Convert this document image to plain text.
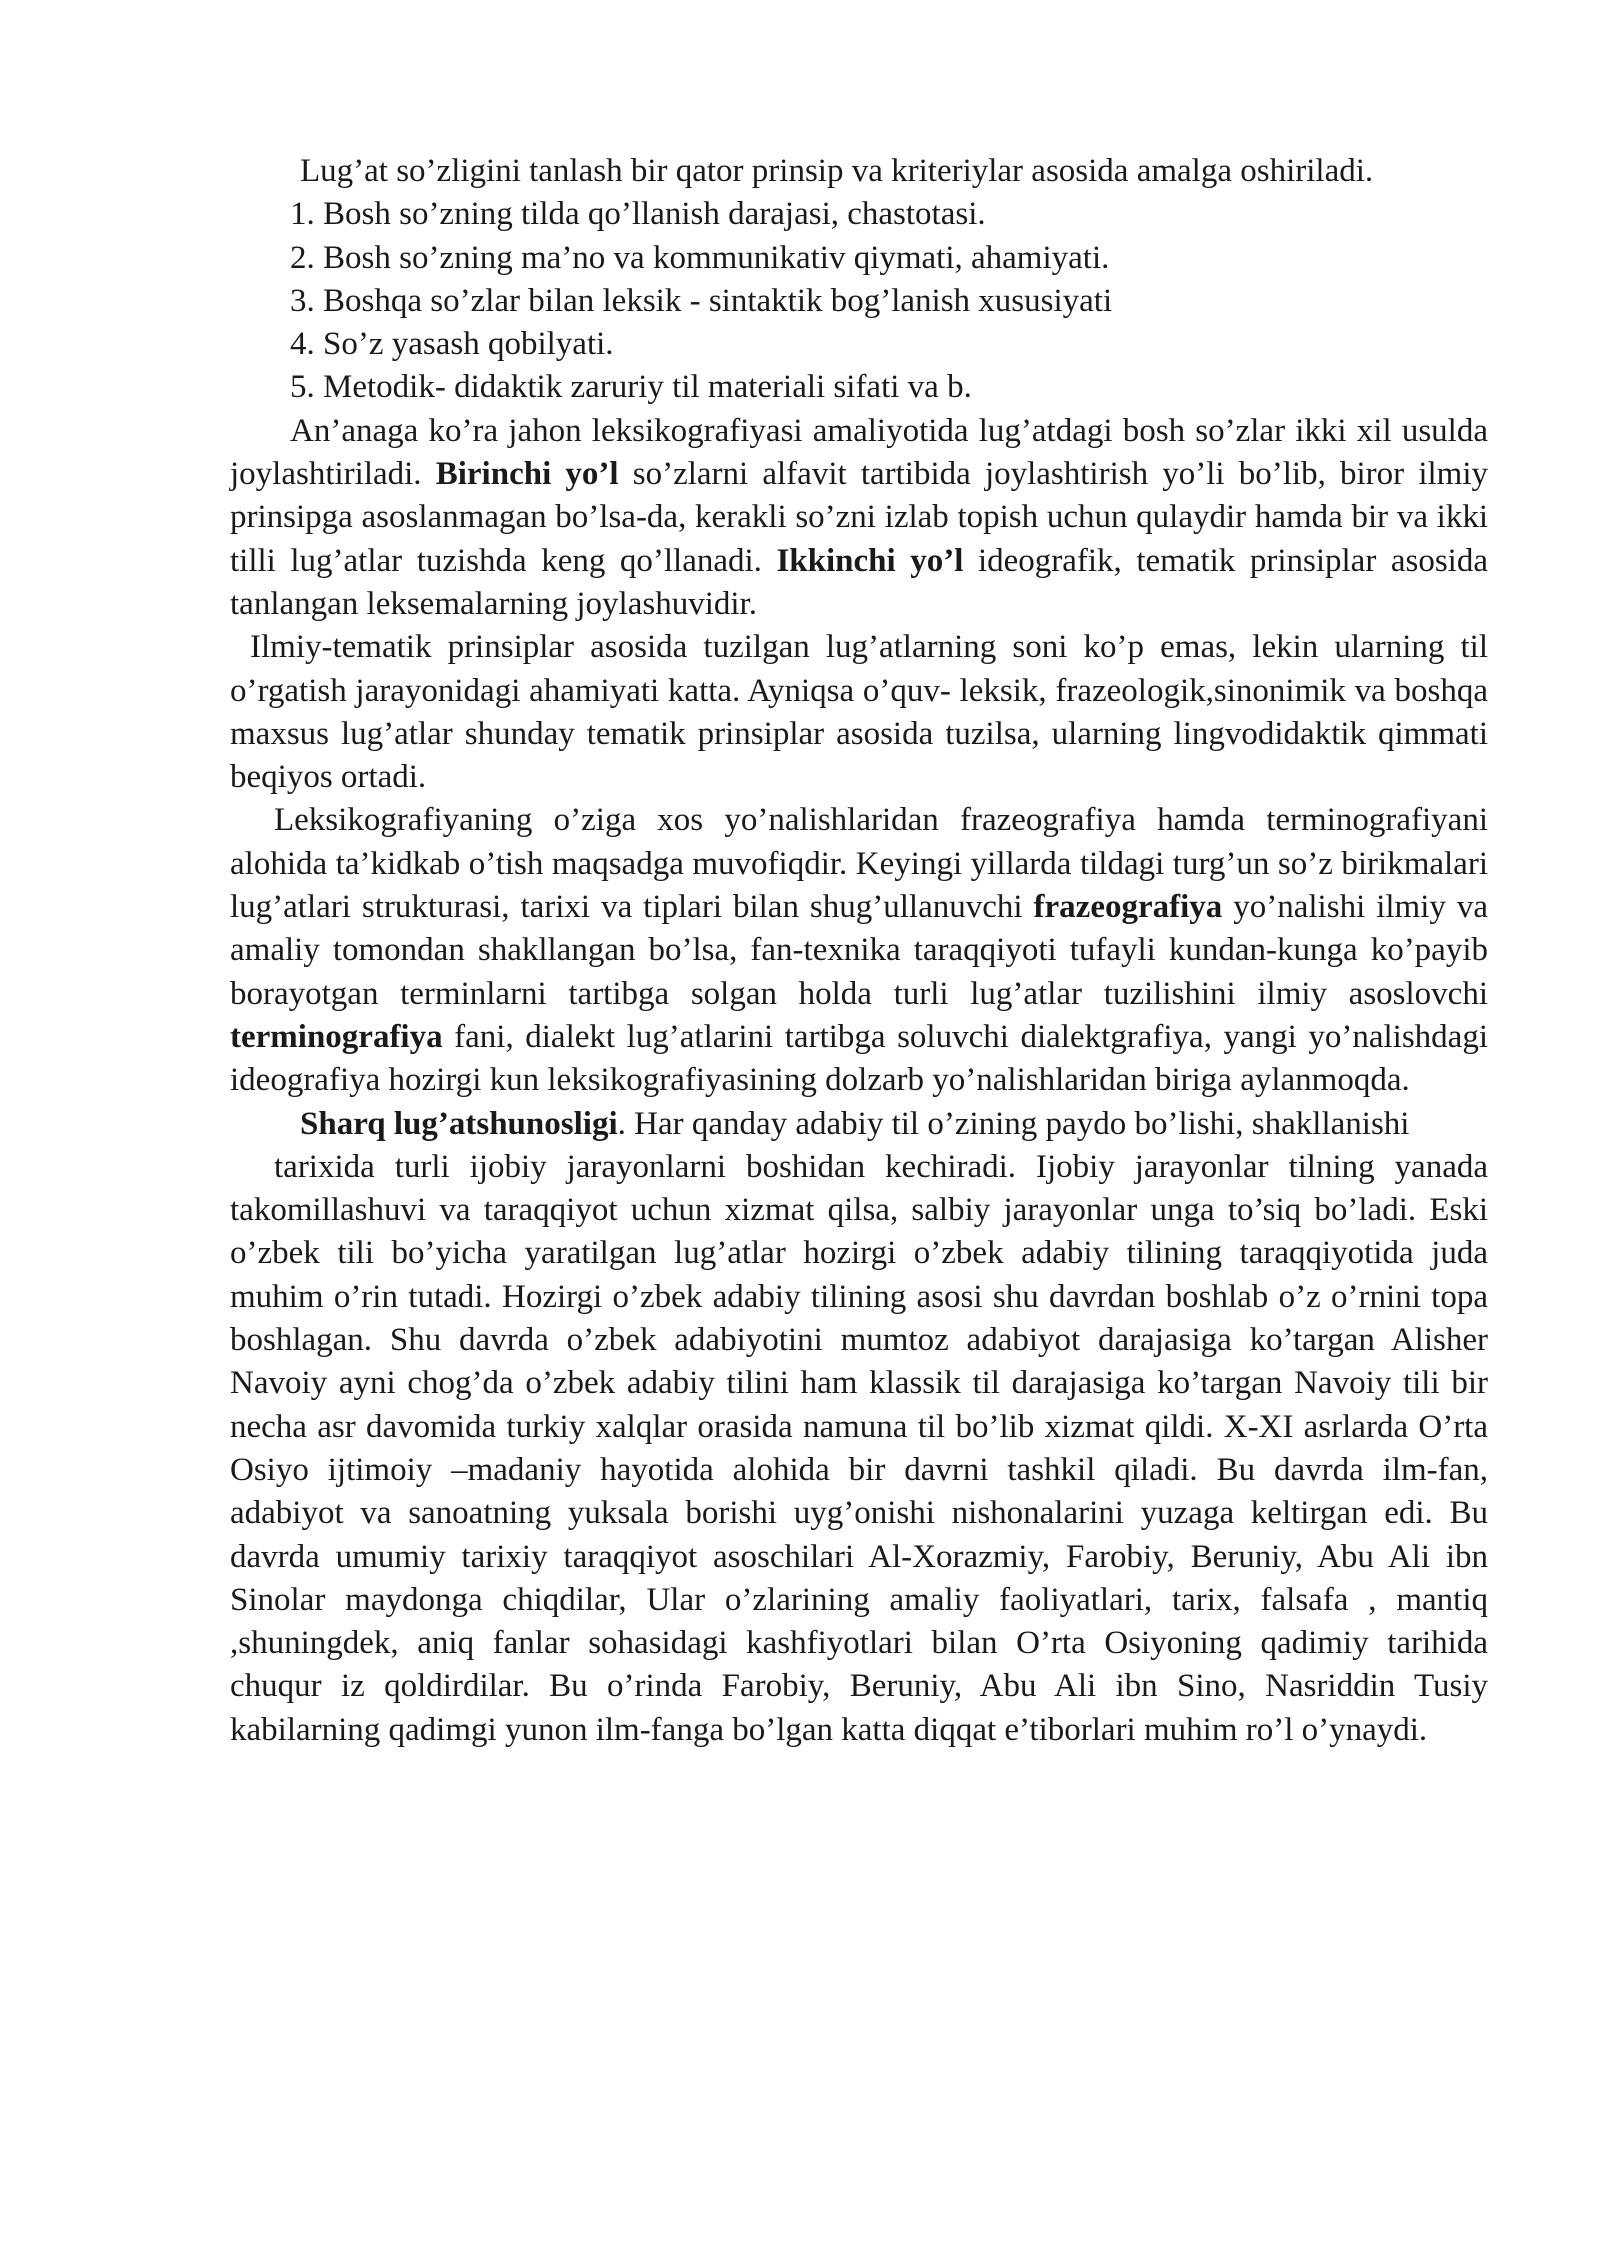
Lug’at so’zligini tanlash bir qator prinsip va kriteriylar asosida amalga oshiriladi.

1. Bosh so’zning tilda qo’llanish darajasi, chastotasi.

2. Bosh so’zning ma’no va kommunikativ qiymati, ahamiyati.

3. Boshqa so’zlar bilan leksik - sintaktik bog’lanish xususiyati

4. So’z yasash qobilyati.

5. Metodik- didaktik zaruriy til materiali sifati va b.

An’anaga ko’ra jahon leksikografiyasi amaliyotida lug’atdagi bosh so’zlar ikki xil usulda joylashtiriladi. Birinchi yo’l so’zlarni alfavit tartibida joylashtirish yo’li bo’lib, biror ilmiy prinsipga asoslanmagan bo’lsa-da, kerakli so’zni izlab topish uchun qulaydir hamda bir va ikki tilli lug’atlar tuzishda keng qo’llanadi. Ikkinchi yo’l ideografik, tematik prinsiplar asosida tanlangan leksemalarning joylashuvidir.

Ilmiy-tematik prinsiplar asosida tuzilgan lug’atlarning soni ko’p emas, lekin ularning til o’rgatish jarayonidagi ahamiyati katta. Ayniqsa o’quv- leksik, frazeologik,sinonimik va boshqa maxsus lug’atlar shunday tematik prinsiplar asosida tuzilsa, ularning lingvodidaktik qimmati beqiyos ortadi.

Leksikografiyaning o’ziga xos yo’nalishlaridan frazeografiya hamda terminografiyani alohida ta’kidkab o’tish maqsadga muvofiqdir. Keyingi yillarda tildagi turg’un so’z birikmalari lug’atlari strukturasi, tarixi va tiplari bilan shug’ullanuvchi frazeografiya yo’nalishi ilmiy va amaliy tomondan shakllangan bo’lsa, fan-texnika taraqqiyoti tufayli kundan-kunga ko’payib borayotgan terminlarni tartibga solgan holda turli lug’atlar tuzilishini ilmiy asoslovchi terminografiya fani, dialekt lug’atlarini tartibga soluvchi dialektgrafiya, yangi yo’nalishdagi ideografiya hozirgi kun leksikografiyasining dolzarb yo’nalishlaridan biriga aylanmoqda.

Sharq lug’atshunosligi. Har qanday adabiy til o’zining paydo bo’lishi, shakllanishi

tarixida turli ijobiy jarayonlarni boshidan kechiradi. Ijobiy jarayonlar tilning yanada takomillashuvi va taraqqiyot uchun xizmat qilsa, salbiy jarayonlar unga to’siq bo’ladi. Eski o’zbek tili bo’yicha yaratilgan lug’atlar hozirgi o’zbek adabiy tilining taraqqiyotida juda muhim o’rin tutadi. Hozirgi o’zbek adabiy tilining asosi shu davrdan boshlab o’z o’rnini topa boshlagan. Shu davrda o’zbek adabiyotini mumtoz adabiyot darajasiga ko’targan Alisher Navoiy ayni chog’da o’zbek adabiy tilini ham klassik til darajasiga ko’targan Navoiy tili bir necha asr davomida turkiy xalqlar orasida namuna til bo’lib xizmat qildi. X-XI asrlarda O’rta Osiyo ijtimoiy –madaniy hayotida alohida bir davrni tashkil qiladi. Bu davrda ilm-fan, adabiyot va sanoatning yuksala borishi uyg’onishi nishonalarini yuzaga keltirgan edi. Bu davrda umumiy tarixiy taraqqiyot asoschilari Al-Xorazmiy, Farobiy, Beruniy, Abu Ali ibn Sinolar maydonga chiqdilar, Ular o’zlarining amaliy faoliyatlari, tarix, falsafa , mantiq ,shuningdek, aniq fanlar sohasidagi kashfiyotlari bilan O’rta Osiyoning qadimiy tarihida chuqur iz qoldirdilar. Bu o’rinda Farobiy, Beruniy, Abu Ali ibn Sino, Nasriddin Tusiy kabilarning qadimgi yunon ilm-fanga bo’lgan katta diqqat e’tiborlari muhim ro’l o’ynaydi.
